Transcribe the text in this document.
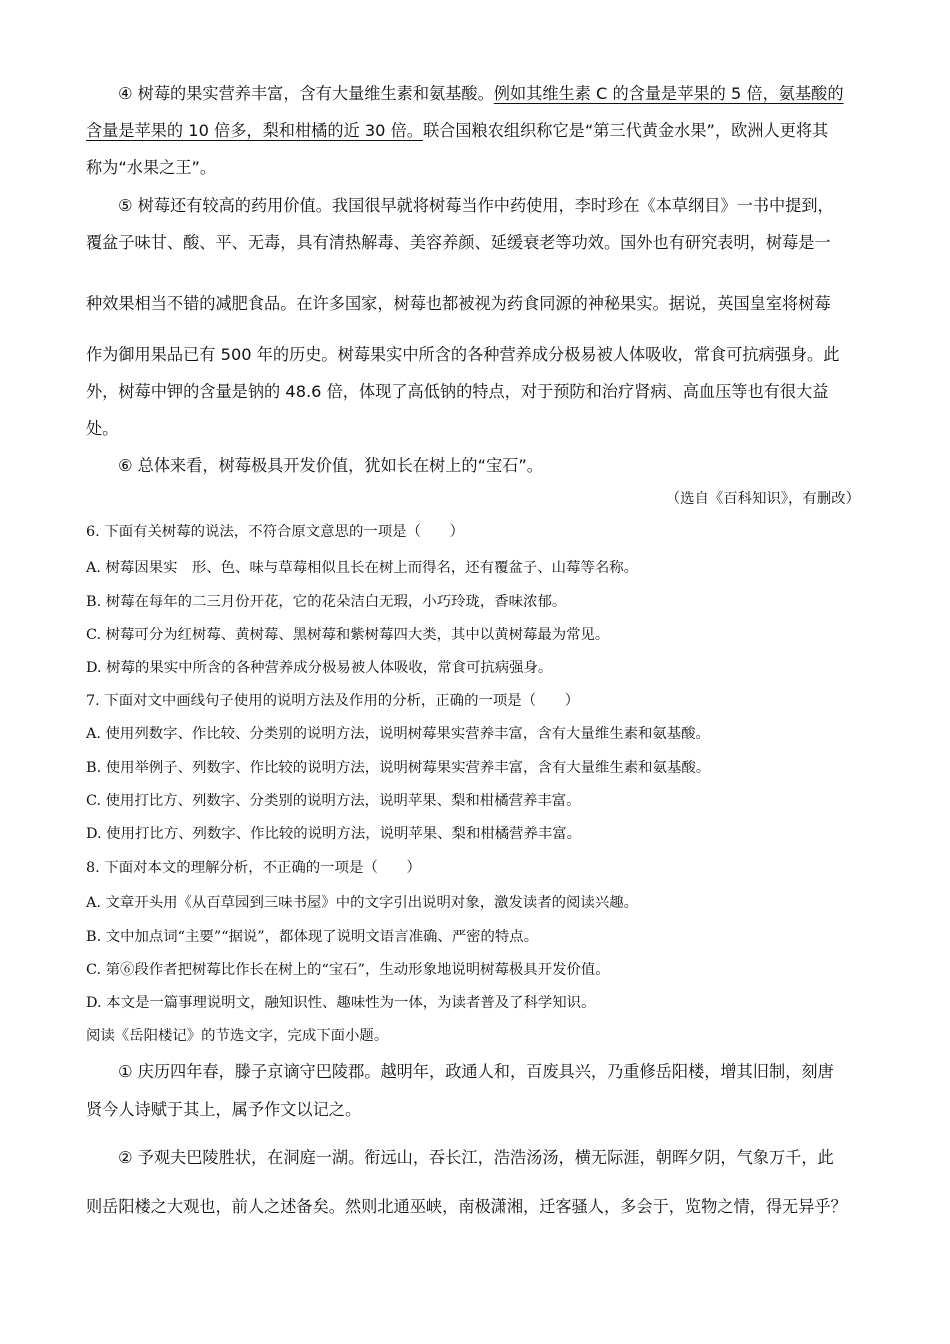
④ 树莓的果实营养丰富，含有大量维生素和氨基酸。例如其维生素 C 的含量是苹果的 5 倍，氨基酸的

含量是苹果的 10 倍多，梨和柑橘的近 30 倍。联合国粮农组织称它是“第三代黄金水果”，欧洲人更将其

称为“水果之王”。

⑤ 树莓还有较高的药用价值。我国很早就将树莓当作中药使用，李时珍在《本草纲目》一书中提到，

覆盆子味甘、酸、平、无毒，具有清热解毒、美容养颜、延缓衰老等功效。国外也有研究表明，树莓是一

种效果相当不错的减肥食品。在许多国家，树莓也都被视为药食同源的神秘果实。据说，英国皇室将树莓

作为御用果品已有 500 年的历史。树莓果实中所含的各种营养成分极易被人体吸收，常食可抗病强身。此

外，树莓中钾的含量是钠的 48.6 倍，体现了高低钠的特点，对于预防和治疗肾病、高血压等也有很大益

处。

⑥ 总体来看，树莓极具开发价值，犹如长在树上的“宝石”。

（选自《百科知识》，有删改）

6. 下面有关树莓的说法，不符合原文意思的一项是（　　）

A. 树莓因果实　形、色、味与草莓相似且长在树上而得名，还有覆盆子、山莓等名称。

B. 树莓在每年的二三月份开花，它的花朵洁白无瑕，小巧玲珑，香味浓郁。

C. 树莓可分为红树莓、黄树莓、黑树莓和紫树莓四大类，其中以黄树莓最为常见。

D. 树莓的果实中所含的各种营养成分极易被人体吸收，常食可抗病强身。

7. 下面对文中画线句子使用的说明方法及作用的分析，正确的一项是（　　）

A. 使用列数字、作比较、分类别的说明方法，说明树莓果实营养丰富，含有大量维生素和氨基酸。

B. 使用举例子、列数字、作比较的说明方法，说明树莓果实营养丰富，含有大量维生素和氨基酸。

C. 使用打比方、列数字、分类别的说明方法，说明苹果、梨和柑橘营养丰富。

D. 使用打比方、列数字、作比较的说明方法，说明苹果、梨和柑橘营养丰富。

8. 下面对本文的理解分析，不正确的一项是（　　）

A. 文章开头用《从百草园到三味书屋》中的文字引出说明对象，激发读者的阅读兴趣。

B. 文中加点词“主要”“据说”，都体现了说明文语言准确、严密的特点。

C. 第⑥段作者把树莓比作长在树上的“宝石”，生动形象地说明树莓极具开发价值。

D. 本文是一篇事理说明文，融知识性、趣味性为一体，为读者普及了科学知识。

阅读《岳阳楼记》的节选文字，完成下面小题。

① 庆历四年春，滕子京谪守巴陵郡。越明年，政通人和，百废具兴，乃重修岳阳楼，增其旧制，刻唐

贤今人诗赋于其上，属予作文以记之。

② 予观夫巴陵胜状，在洞庭一湖。衔远山，吞长江，浩浩汤汤，横无际涯，朝晖夕阴，气象万千，此

则岳阳楼之大观也，前人之述备矣。然则北通巫峡，南极潇湘，迁客骚人，多会于，览物之情，得无异乎？
